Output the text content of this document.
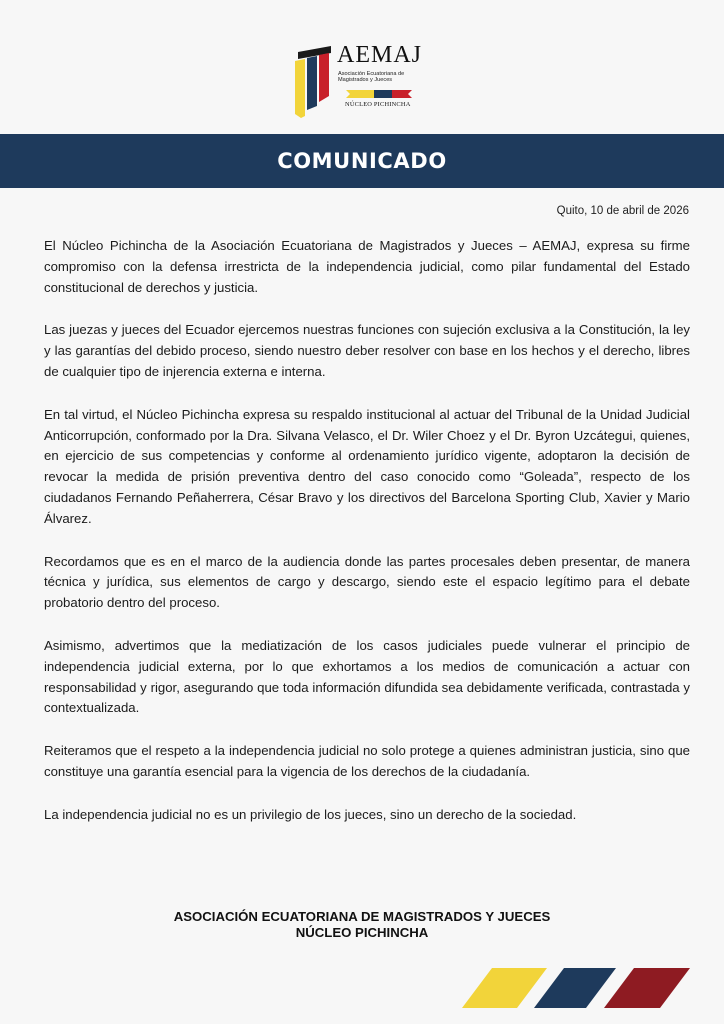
AEMAJ
Asociación Ecuatoriana de Magistrados y Jueces
NÚCLEO PICHINCHA
COMUNICADO
Quito, 10 de abril de 2026

El Núcleo Pichincha de la Asociación Ecuatoriana de Magistrados y Jueces – AEMAJ, expresa su firme compromiso con la defensa irrestricta de la independencia judicial, como pilar fundamental del Estado constitucional de derechos y justicia.

Las juezas y jueces del Ecuador ejercemos nuestras funciones con sujeción exclusiva a la Constitución, la ley y las garantías del debido proceso, siendo nuestro deber resolver con base en los hechos y el derecho, libres de cualquier tipo de injerencia externa e interna.

En tal virtud, el Núcleo Pichincha expresa su respaldo institucional al actuar del Tribunal de la Unidad Judicial Anticorrupción, conformado por la Dra. Silvana Velasco, el Dr. Wiler Choez y el Dr. Byron Uzcátegui, quienes, en ejercicio de sus competencias y conforme al ordenamiento jurídico vigente, adoptaron la decisión de revocar la medida de prisión preventiva dentro del caso conocido como “Goleada”, respecto de los ciudadanos Fernando Peñaherrera, César Bravo y los directivos del Barcelona Sporting Club, Xavier y Mario Álvarez.

Recordamos que es en el marco de la audiencia donde las partes procesales deben presentar, de manera técnica y jurídica, sus elementos de cargo y descargo, siendo este el espacio legítimo para el debate probatorio dentro del proceso.

Asimismo, advertimos que la mediatización de los casos judiciales puede vulnerar el principio de independencia judicial externa, por lo que exhortamos a los medios de comunicación a actuar con responsabilidad y rigor, asegurando que toda información difundida sea debidamente verificada, contrastada y contextualizada.

Reiteramos que el respeto a la independencia judicial no solo protege a quienes administran justicia, sino que constituye una garantía esencial para la vigencia de los derechos de la ciudadanía.

La independencia judicial no es un privilegio de los jueces, sino un derecho de la sociedad.

ASOCIACIÓN ECUATORIANA DE MAGISTRADOS Y JUECES
NÚCLEO PICHINCHA
